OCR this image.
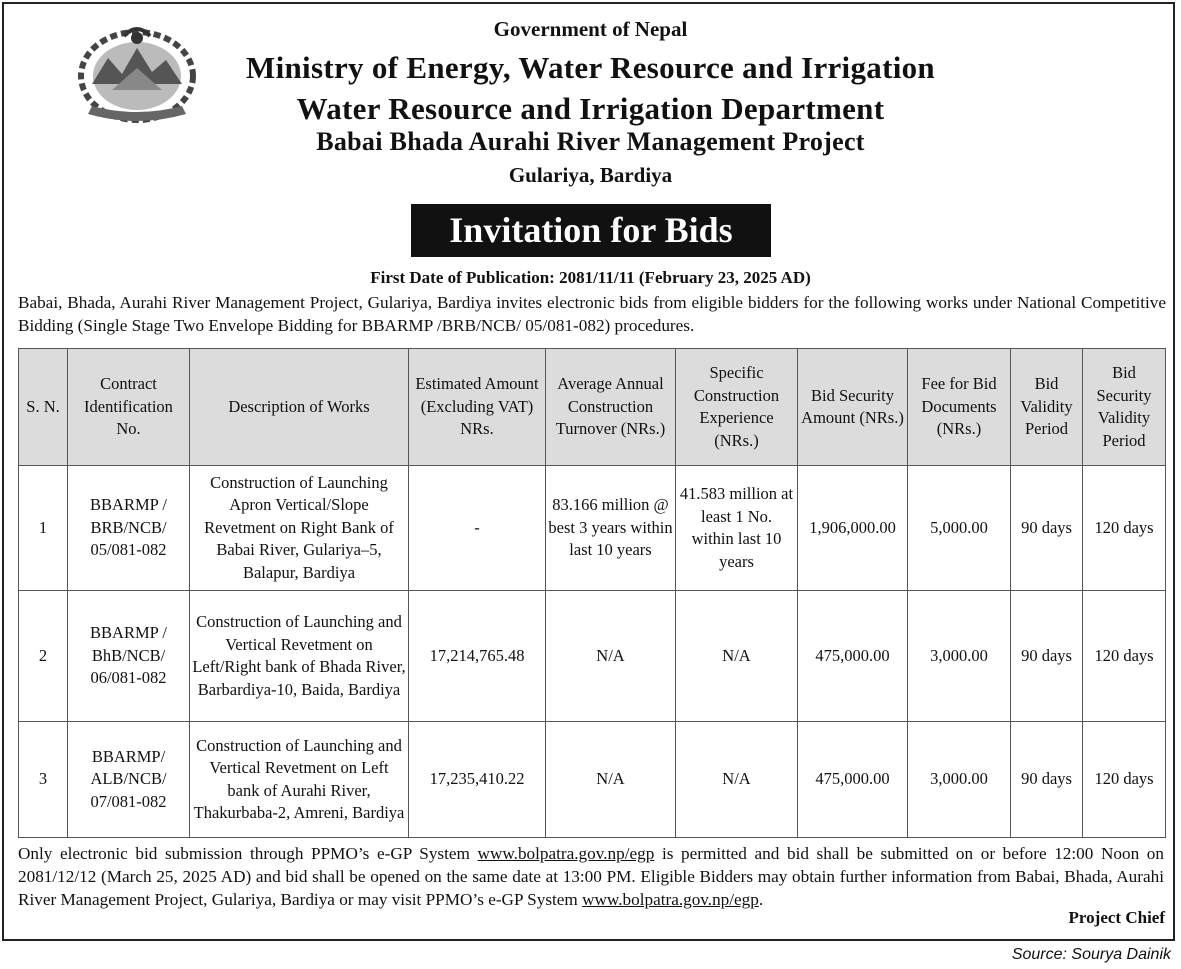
Government of Nepal
Ministry of Energy, Water Resource and Irrigation
Water Resource and Irrigation Department
Babai Bhada Aurahi River Management Project
Gulariya, Bardiya
Invitation for Bids
First Date of Publication: 2081/11/11 (February 23, 2025 AD)
Babai, Bhada, Aurahi River Management Project, Gulariya, Bardiya invites electronic bids from eligible bidders for the following works under National Competitive Bidding (Single Stage Two Envelope Bidding for BBARMP /BRB/NCB/ 05/081-082) procedures.
S. N.	Contract Identification No.	Description of Works	Estimated Amount (Excluding VAT) NRs.	Average Annual Construction Turnover (NRs.)	Specific Construction Experience (NRs.)	Bid Security Amount (NRs.)	Fee for Bid Documents (NRs.)	Bid Validity Period	Bid Security Validity Period
1	BBARMP / BRB/NCB/ 05/081-082	Construction of Launching Apron Vertical/Slope Revetment on Right Bank of Babai River, Gulariya–5, Balapur, Bardiya	-	83.166 million @ best 3 years within last 10 years	41.583 million at least 1 No. within last 10 years	1,906,000.00	5,000.00	90 days	120 days
2	BBARMP / BhB/NCB/ 06/081-082	Construction of Launching and Vertical Revetment on Left/Right bank of Bhada River, Barbardiya-10, Baida, Bardiya	17,214,765.48	N/A	N/A	475,000.00	3,000.00	90 days	120 days
3	BBARMP/ ALB/NCB/ 07/081-082	Construction of Launching and Vertical Revetment on Left bank of Aurahi River, Thakurbaba-2, Amreni, Bardiya	17,235,410.22	N/A	N/A	475,000.00	3,000.00	90 days	120 days
Only electronic bid submission through PPMO’s e-GP System www.bolpatra.gov.np/egp is permitted and bid shall be submitted on or before 12:00 Noon on 2081/12/12 (March 25, 2025 AD) and bid shall be opened on the same date at 13:00 PM. Eligible Bidders may obtain further information from Babai, Bhada, Aurahi River Management Project, Gulariya, Bardiya or may visit PPMO’s e-GP System www.bolpatra.gov.np/egp.
Project Chief
Source: Sourya Dainik
